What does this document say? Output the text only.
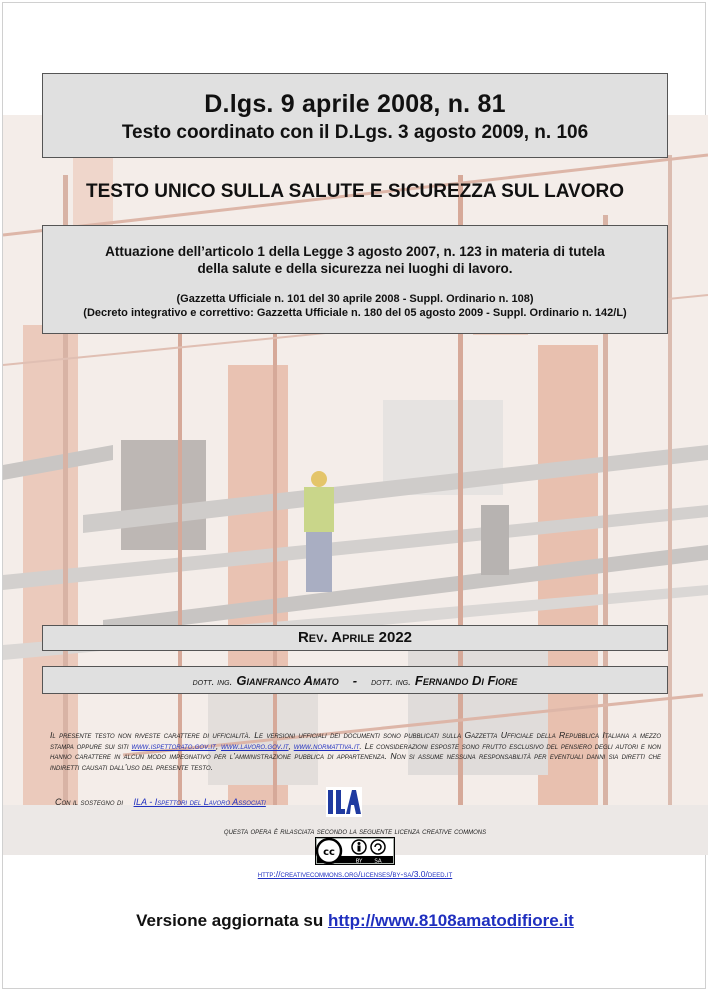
D.lgs. 9 aprile 2008, n. 81
Testo coordinato con il D.Lgs. 3 agosto 2009, n. 106
TESTO UNICO SULLA SALUTE E SICUREZZA SUL LAVORO
Attuazione dell’articolo 1 della Legge 3 agosto 2007, n. 123 in materia di tutela
della salute e della sicurezza nei luoghi di lavoro.
(Gazzetta Ufficiale n. 101 del 30 aprile 2008 - Suppl. Ordinario n. 108)
(Decreto integrativo e correttivo: Gazzetta Ufficiale n. 180 del 05 agosto 2009 - Suppl. Ordinario n. 142/L)
Rev. Aprile 2022
dott. ing. Gianfranco Amato - dott. ing. Fernando Di Fiore
Il presente testo non riveste carattere di ufficialità. Le versioni ufficiali dei documenti sono pubblicati sulla Gazzetta Ufficiale della Repubblica Italiana a mezzo stampa oppure sui siti www.ispettorato.gov.it, www.lavoro.gov.it, www.normattiva.it. Le considerazioni esposte sono frutto esclusivo del pensiero degli autori e non hanno carattere in alcun modo impegnativo per l’amministrazione pubblica di appartenenza. Non si assume nessuna responsabilità per eventuali danni sia diretti che indiretti causati dall’uso del presente testo.
Con il sostegno di ILA - Ispettori del Lavoro Associati
questa opera è rilasciata secondo la seguente licenza creative commons
cc
BY SA
http://creativecommons.org/licenses/by-sa/3.0/deed.it
Versione aggiornata su http://www.8108amatodifiore.it
